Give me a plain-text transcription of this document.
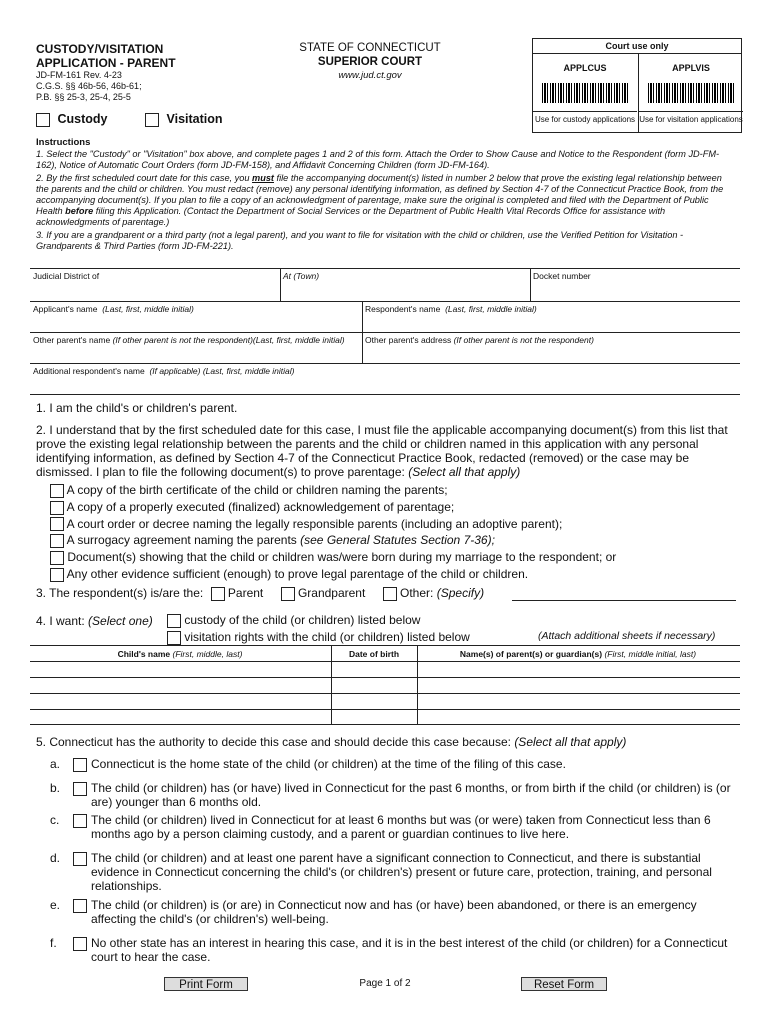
CUSTODY/VISITATION
APPLICATION - PARENT
JD-FM-161 Rev. 4-23
C.G.S. §§ 46b-56, 46b-61;
P.B. §§ 25-3, 25-4, 25-5
STATE OF CONNECTICUT
SUPERIOR COURT
www.jud.ct.gov
Court use only
APPLCUS
Use for custody applications
APPLVIS
Use for visitation applications
Custody	Visitation
Instructions

1. Select the "Custody" or "Visitation" box above, and complete pages 1 and 2 of this form. Attach the Order to Show Cause and Notice to the Respondent (form JD-FM-162), Notice of Automatic Court Orders (form JD-FM-158), and Affidavit Concerning Children (form JD-FM-164).

2. By the first scheduled court date for this case, you must file the accompanying document(s) listed in number 2 below that prove the existing legal relationship between the parents and the child or children. You must redact (remove) any personal identifying information, as defined by Section 4-7 of the Connecticut Practice Book, from the accompanying document(s). If you plan to file a copy of an acknowledgment of parentage, make sure the original is completed and filed with the Department of Public Health before filing this Application. (Contact the Department of Social Services or the Department of Public Health Vital Records Office for assistance with acknowledgments of parentage.)

3. If you are a grandparent or a third party (not a legal parent), and you want to file for visitation with the child or children, use the Verified Petition for Visitation - Grandparents & Third Parties (form JD-FM-221).

Judicial District of	At (Town)	Docket number
Applicant's name (Last, first, middle initial)	Respondent's name (Last, first, middle initial)
Other parent's name (If other parent is not the respondent)(Last, first, middle initial)	Other parent's address (If other parent is not the respondent)
Additional respondent's name (If applicable) (Last, first, middle initial)
1. I am the child's or children's parent.
2. I understand that by the first scheduled date for this case, I must file the applicable accompanying document(s) from this list that prove the existing legal relationship between the parents and the child or children named in this application with any personal identifying information, as defined by Section 4-7 of the Connecticut Practice Book, redacted (removed) or the case may be dismissed. I plan to file the following document(s) to prove parentage: (Select all that apply)
A copy of the birth certificate of the child or children naming the parents;
A copy of a properly executed (finalized) acknowledgement of parentage;
A court order or decree naming the legally responsible parents (including an adoptive parent);
A surrogacy agreement naming the parents (see General Statutes Section 7-36);
Document(s) showing that the child or children was/were born during my marriage to the respondent; or
Any other evidence sufficient (enough) to prove legal parentage of the child or children.
3. The respondent(s) is/are the: Parent	Grandparent	Other: (Specify)
4. I want: (Select one)	custody of the child (or children) listed below
visitation rights with the child (or children) listed below	(Attach additional sheets if necessary)
Child's name (First, middle, last)	Date of birth	Name(s) of parent(s) or guardian(s) (First, middle initial, last)
5. Connecticut has the authority to decide this case and should decide this case because: (Select all that apply)
a.	Connecticut is the home state of the child (or children) at the time of the filing of this case.
b.	The child (or children) has (or have) lived in Connecticut for the past 6 months, or from birth if the child (or children) is (or are) younger than 6 months old.
c.	The child (or children) lived in Connecticut for at least 6 months but was (or were) taken from Connecticut less than 6 months ago by a person claiming custody, and a parent or guardian continues to live here.
d.	The child (or children) and at least one parent have a significant connection to Connecticut, and there is substantial evidence in Connecticut concerning the child's (or children's) present or future care, protection, training, and personal relationships.
e.	The child (or children) is (or are) in Connecticut now and has (or have) been abandoned, or there is an emergency affecting the child's (or children's) well-being.
f.	No other state has an interest in hearing this case, and it is in the best interest of the child (or children) for a Connecticut court to hear the case.
Print Form	Page 1 of 2	Reset Form
